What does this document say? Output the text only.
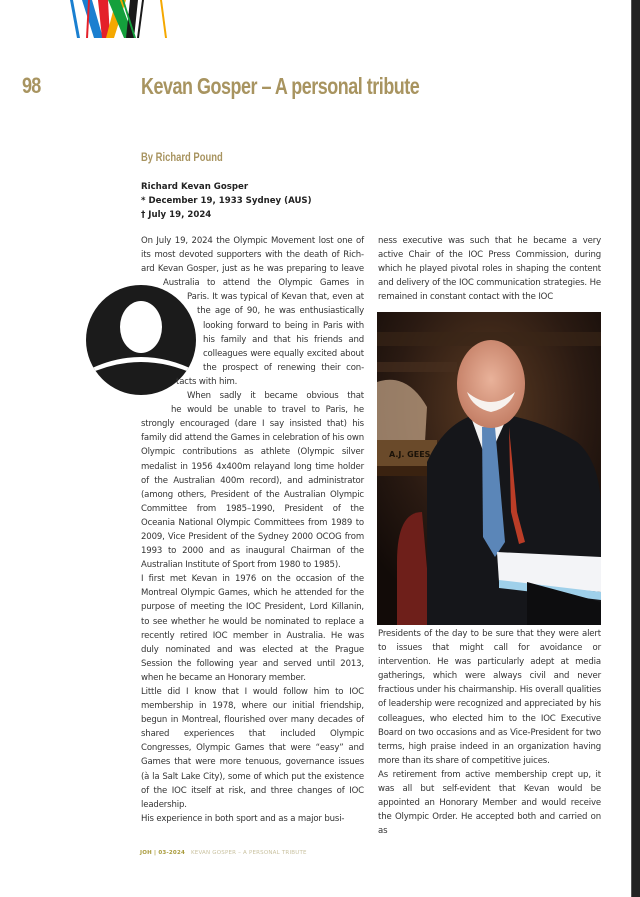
98	Kevan Gosper – A personal tribute
By Richard Pound
Richard Kevan Gosper
* December 19, 1933 Sydney (AUS)
† July 19, 2024
On July 19, 2024 the Olympic Movement lost one of
its most devoted supporters with the death of Rich-
ard Kevan Gosper, just as he was preparing to leave
Australia to attend the Olympic Games in
Paris. It was typical of Kevan that, even at
the age of 90, he was enthusiastically
looking forward to being in Paris with
his family and that his friends and
colleagues were equally excited about
the prospect of renewing their con-
tacts with him.
When sadly it became obvious that
he would be unable to travel to Paris, he

strongly encouraged (dare I say insisted that) his family did attend the Games in celebration of his own Olympic contributions as athlete (Olympic silver medalist in 1956 4x400m relayand long time holder of the Australian 400m record), and administrator (among others, President of the Australian Olympic Committee from 1985–1990, President of the Oceania National Olympic Committees from 1989 to 2009, Vice President of the Sydney 2000 OCOG from 1993 to 2000 and as inaugural Chairman of the Australian Institute of Sport from 1980 to 1985).

I first met Kevan in 1976 on the occasion of the Montreal Olympic Games, which he attended for the purpose of meeting the IOC President, Lord Killanin, to see whether he would be nominated to replace a recently retired IOC member in Australia. He was duly nominated and was elected at the Prague Session the following year and served until 2013, when he became an Honorary member.

Little did I know that I would follow him to IOC membership in 1978, where our initial friendship, begun in Montreal, flourished over many decades of shared experiences that included Olympic Congresses, Olympic Games that were “easy” and Games that were more tenuous, governance issues (à la Salt Lake City), some of which put the existence of the IOC itself at risk, and three changes of IOC leadership.

His experience in both sport and as a major busi-

ness executive was such that he became a very active Chair of the IOC Press Commission, during which he played pivotal roles in shaping the content and delivery of the IOC communication strategies. He remained in constant contact with the IOC

A.J. GEES

Presidents of the day to be sure that they were alert to issues that might call for avoidance or intervention. He was particularly adept at media gatherings, which were always civil and never fractious under his chairmanship. His overall qualities of leadership were recognized and appreciated by his colleagues, who elected him to the IOC Executive Board on two occasions and as Vice-President for two terms, high praise indeed in an organization having more than its share of competitive juices.

As retirement from active membership crept up, it was all but self-evident that Kevan would be appointed an Honorary Member and would receive the Olympic Order. He accepted both and carried on as

JOH | 03-2024 KEVAN GOSPER – A PERSONAL TRIBUTE
